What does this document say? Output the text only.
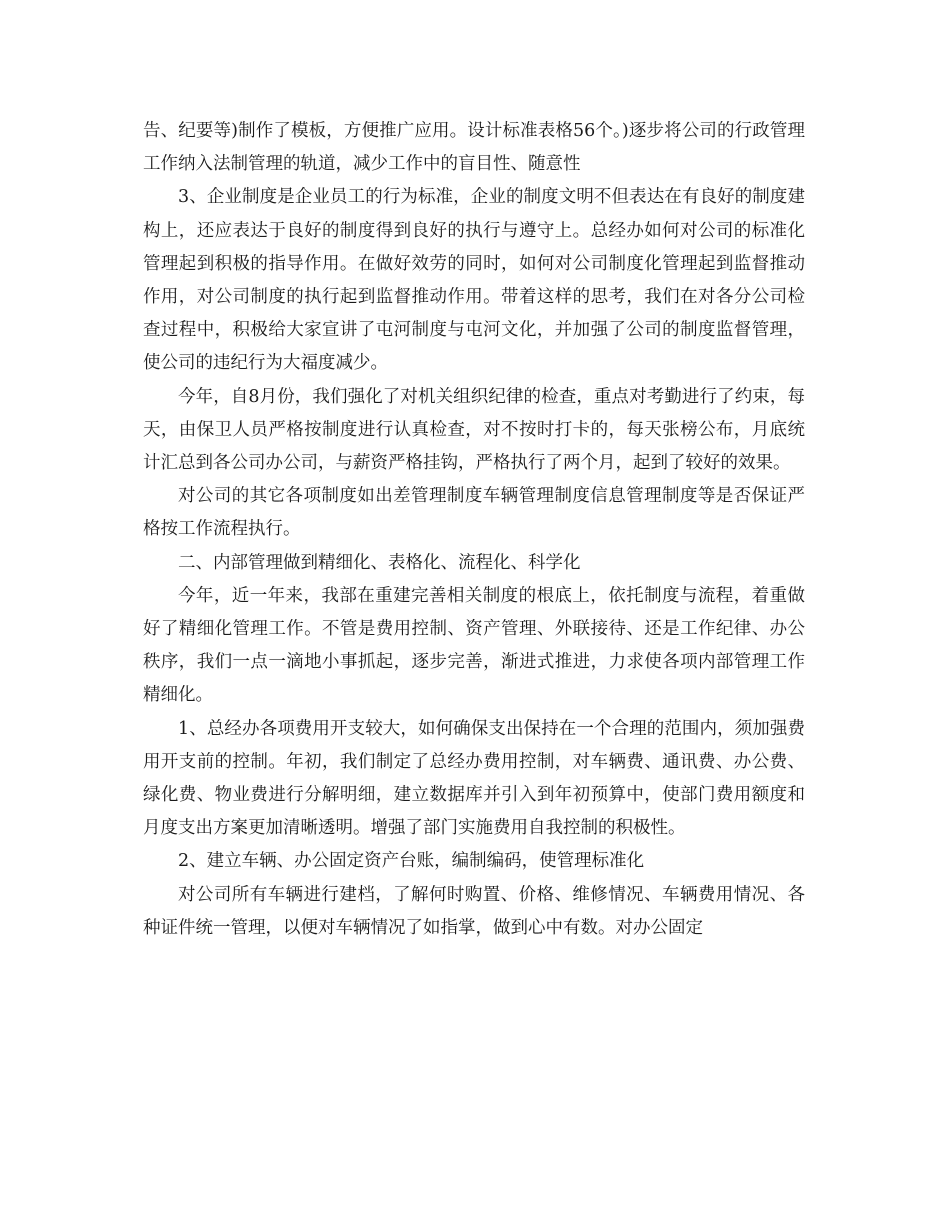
告、纪要等)制作了模板，方便推广应用。设计标准表格56个。)逐步将公司的行政管理工作纳入法制管理的轨道，减少工作中的盲目性、随意性

3、企业制度是企业员工的行为标准，企业的制度文明不但表达在有良好的制度建构上，还应表达于良好的制度得到良好的执行与遵守上。总经办如何对公司的标准化管理起到积极的指导作用。在做好效劳的同时，如何对公司制度化管理起到监督推动作用，对公司制度的执行起到监督推动作用。带着这样的思考，我们在对各分公司检查过程中，积极给大家宣讲了屯河制度与屯河文化，并加强了公司的制度监督管理，使公司的违纪行为大福度减少。

今年，自8月份，我们强化了对机关组织纪律的检查，重点对考勤进行了约束，每天，由保卫人员严格按制度进行认真检查，对不按时打卡的，每天张榜公布，月底统计汇总到各公司办公司，与薪资严格挂钩，严格执行了两个月，起到了较好的效果。

对公司的其它各项制度如出差管理制度车辆管理制度信息管理制度等是否保证严格按工作流程执行。

二、内部管理做到精细化、表格化、流程化、科学化

今年，近一年来，我部在重建完善相关制度的根底上，依托制度与流程，着重做好了精细化管理工作。不管是费用控制、资产管理、外联接待、还是工作纪律、办公秩序，我们一点一滴地小事抓起，逐步完善，渐进式推进，力求使各项内部管理工作精细化。

1、总经办各项费用开支较大，如何确保支出保持在一个合理的范围内，须加强费用开支前的控制。年初，我们制定了总经办费用控制，对车辆费、通讯费、办公费、绿化费、物业费进行分解明细，建立数据库并引入到年初预算中，使部门费用额度和月度支出方案更加清晰透明。增强了部门实施费用自我控制的积极性。

2、建立车辆、办公固定资产台账，编制编码，使管理标准化

对公司所有车辆进行建档，了解何时购置、价格、维修情况、车辆费用情况、各种证件统一管理，以便对车辆情况了如指掌，做到心中有数。对办公固定
